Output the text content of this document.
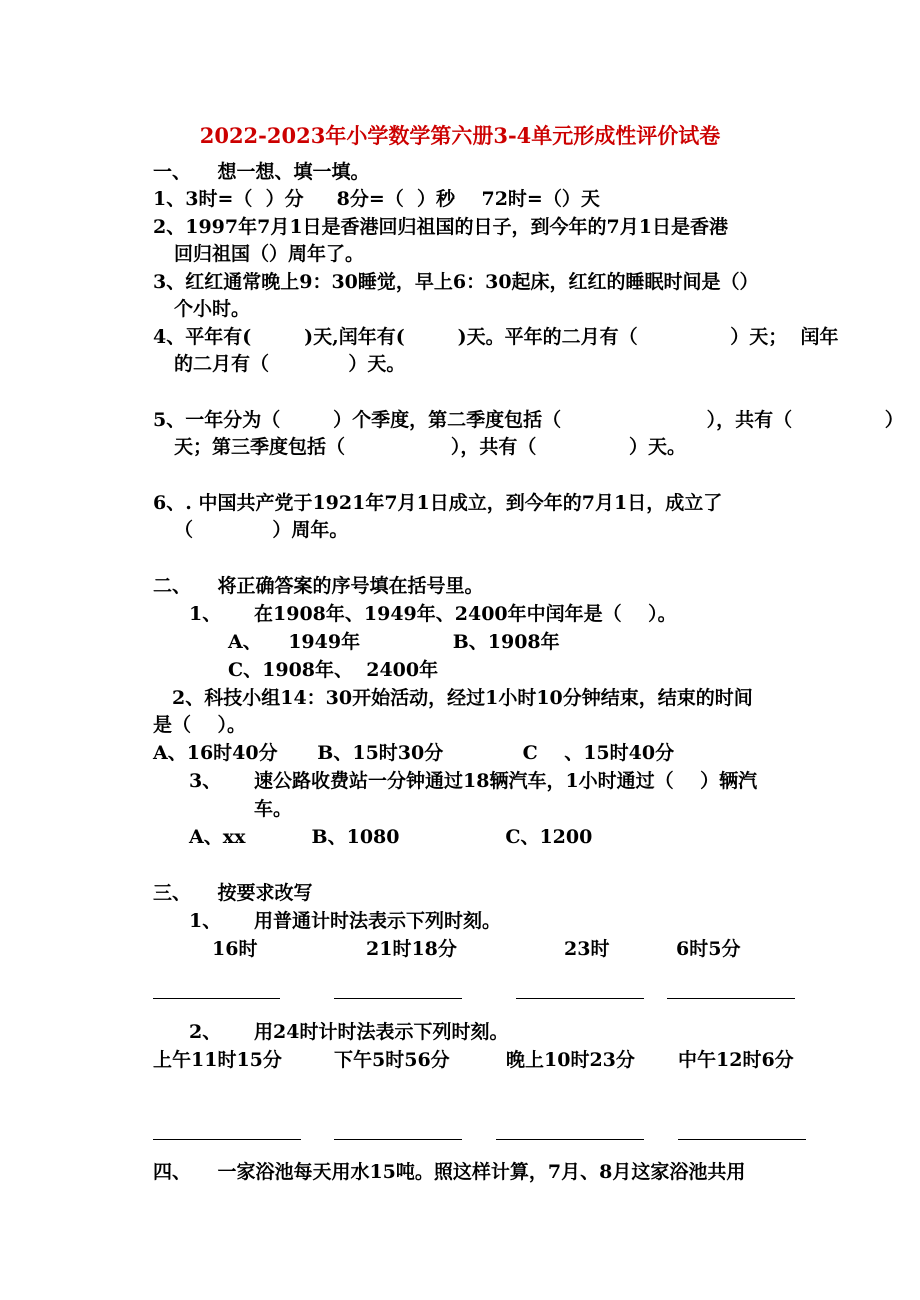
2022-2023年小学数学第六册3-4单元形成性评价试卷

一、    想一想、填一填。

1、3时=（  ）分     8分=（  ）秒    72时=（）天

2、1997年7月1日是香港回归祖国的日子，到今年的7月1日是香港

回归祖国（）周年了。

3、红红通常晚上9：30睡觉，早上6：30起床，红红的睡眠时间是（）

个小时。

4、平年有(        )天,闰年有(        )天。平年的二月有（              ）天；  闰年

的二月有（            ）天。

5、一年分为（        ）个季度，第二季度包括（                      ），共有（              ）

天；第三季度包括（                ），共有（              ）天。

6、. 中国共产党于1921年7月1日成立，到今年的7月1日，成立了

（            ）周年。

二、    将正确答案的序号填在括号里。

1、 在1908年、1949年、2400年中闰年是（    ）。

A、    1949年              B、1908年

C、1908年、  2400年

2、科技小组14：30开始活动，经过1小时10分钟结束，结束的时间

是（    ）。

A、16时40分      B、15时30分            C    、15时40分

3、 速公路收费站一分钟通过18辆汽车，1小时通过（    ）辆汽

车。

A、xx          B、1080                C、1200

三、    按要求改写

1、 用普通计时法表示下列时刻。

16时	21时18分	23时	6时5分

2、 用24时计时法表示下列时刻。

上午11时15分	下午5时56分	晚上10时23分 中午12时6分

四、    一家浴池每天用水15吨。照这样计算，7月、8月这家浴池共用
